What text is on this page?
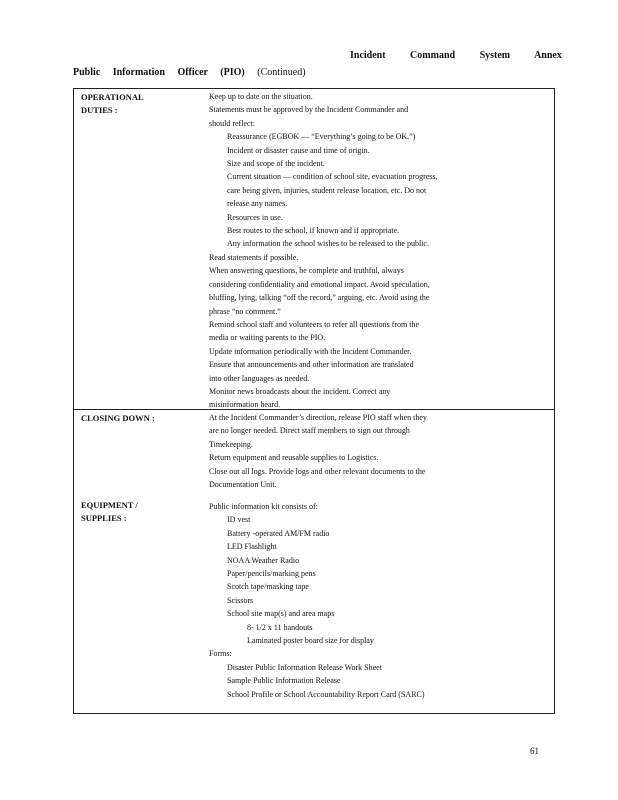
Incident Command System Annex
Public Information Officer (PIO) (Continued)
OPERATIONAL
DUTIES :
Keep up to date on the situation.
Statements must be approved by the Incident Commander and
should reflect:
Reassurance (EGBOK — “Everything’s going to be OK.”)
Incident or disaster cause and time of origin.
Size and scope of the incident.
Current situation — condition of school site, evacuation progress,
care being given, injuries, student release location, etc. Do not
release any names.
Resources in use.
Best routes to the school, if known and if appropriate.
Any information the school wishes to be released to the public.
Read statements if possible.
When answering questions, be complete and truthful, always
considering confidentiality and emotional impact. Avoid speculation,
bluffing, lying, talking “off the record,” arguing, etc. Avoid using the
phrase “no comment.”
Remind school staff and volunteers to refer all questions from the
media or waiting parents to the PIO.
Update information periodically with the Incident Commander.
Ensure that announcements and other information are translated
into other languages as needed.
Monitor news broadcasts about the incident. Correct any
misinformation heard.
CLOSING DOWN :	At the Incident Commander’s direction, release PIO staff when they
are no longer needed. Direct staff members to sign out through
Timekeeping.
Return equipment and reusable supplies to Logistics.
Close out all logs. Provide logs and other relevant documents to the
Documentation Unit.
EQUIPMENT /
SUPPLIES :
Public information kit consists of:
ID vest
Battery -operated AM/FM radio
LED Flashlight
NOAA Weather Radio
Paper/pencils/marking pens
Scotch tape/masking tape
Scissors
School site map(s) and area maps
8- 1/2 x 11 handouts
Laminated poster board size for display
Forms:
Disaster Public Information Release Work Sheet
Sample Public Information Release
School Profile or School Accountability Report Card (SARC)
61
